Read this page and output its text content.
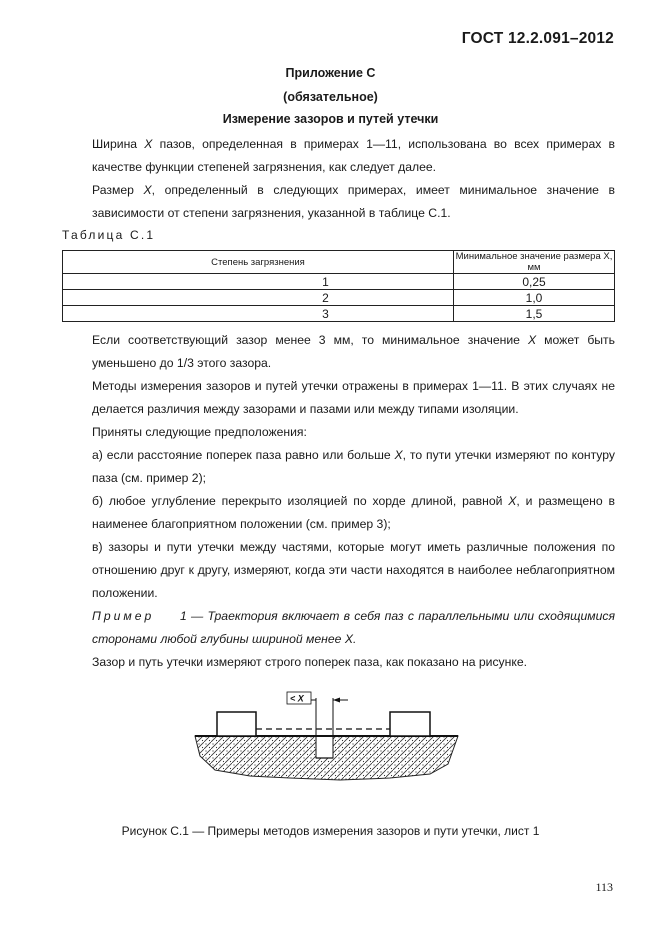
ГОСТ 12.2.091–2012
Приложение С
(обязательное)
Измерение зазоров и путей утечки
Ширина X пазов, определенная в примерах 1—11, использована во всех примерах в качестве функции степеней загрязнения, как следует далее.
Размер X, определенный в следующих примерах, имеет минимальное значение в зависимости от степени загрязнения, указанной в таблице С.1.
Таблица С.1
Степень загрязнения	Минимальное значение размера X, мм
1	0,25
2	1,0
3	1,5
Если соответствующий зазор менее 3 мм, то минимальное значение X может быть уменьшено до 1/3 этого зазора.
Методы измерения зазоров и путей утечки отражены в примерах 1—11. В этих случаях не делается различия между зазорами и пазами или между типами изоляции.
Приняты следующие предположения:
а) если расстояние поперек паза равно или больше X, то пути утечки измеряют по контуру паза (см. пример 2);
б) любое углубление перекрыто изоляцией по хорде длиной, равной X, и размещено в наименее благоприятном положении (см. пример 3);
в) зазоры и пути утечки между частями, которые могут иметь различные положения по отношению друг к другу, измеряют, когда эти части находятся в наиболее неблагоприятном положении.
Пример 1 — Траектория включает в себя паз с параллельными или сходящимися сторонами любой глубины шириной менее X.
Зазор и путь утечки измеряют строго поперек паза, как показано на рисунке.
< X
Рисунок С.1 — Примеры методов измерения зазоров и пути утечки, лист 1
113
